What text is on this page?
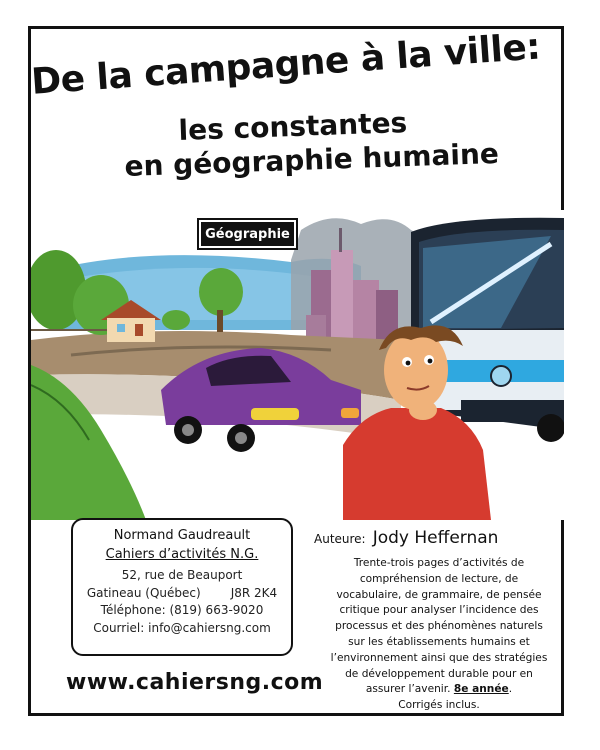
De la campagne à la ville:
les constantes
en géographie humaine
Géographie
Normand Gaudreault
Cahiers d’activités N.G.
52, rue de Beauport
Gatineau (Québec)	J8R 2K4
Téléphone: (819) 663-9020
Courriel: info@cahiersng.com
www.cahiersng.com
Auteure: Jody Heffernan
Trente-trois pages d’activités de compréhension de lecture, de vocabulaire, de grammaire, de pensée critique pour analyser l’incidence des processus et des phénomènes naturels sur les établissements humains et l’environnement ainsi que des stratégies de développement durable pour en assurer l’avenir. 8e année.
Corrigés inclus.
